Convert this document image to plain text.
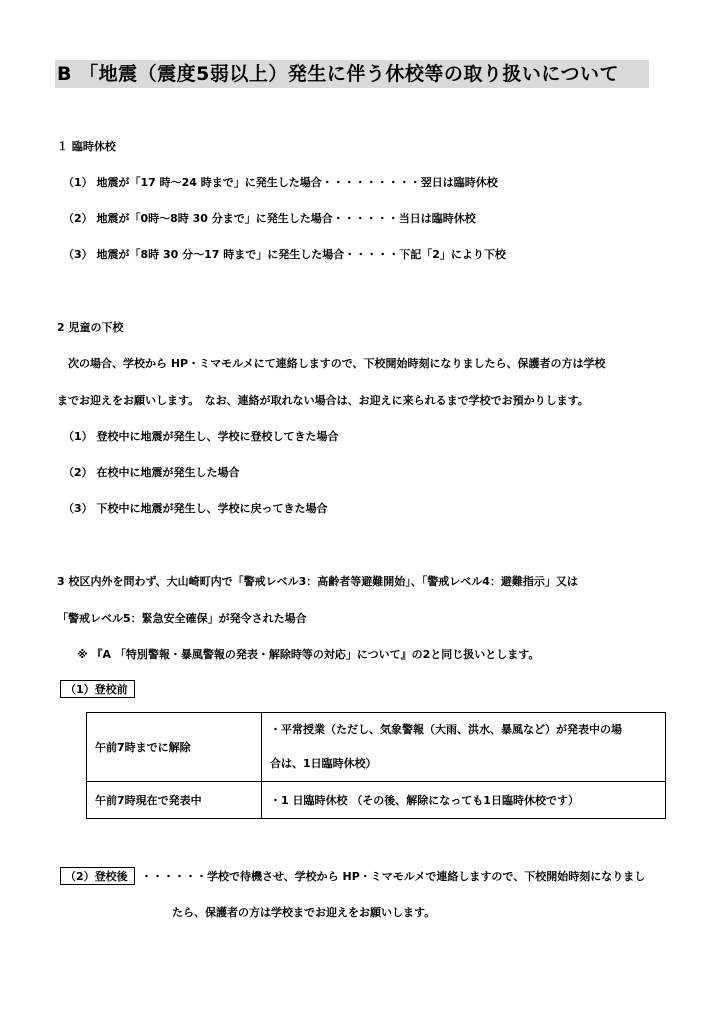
B 「地震（震度5弱以上）発生に伴う休校等の取り扱いについて
１ 臨時休校
（1） 地震が「17 時～24 時まで」に発生した場合・・・・・・・・・翌日は臨時休校
（2） 地震が「0時～8時 30 分まで」に発生した場合・・・・・・当日は臨時休校
（3） 地震が「8時 30 分～17 時まで」に発生した場合・・・・・下記「2」により下校
2 児童の下校
次の場合、学校から HP・ミマモルメにて連絡しますので、下校開始時刻になりましたら、保護者の方は学校
までお迎えをお願いします。　なお、連絡が取れない場合は、お迎えに来られるまで学校でお預かりします。
（1） 登校中に地震が発生し、学校に登校してきた場合
（2） 在校中に地震が発生した場合
（3） 下校中に地震が発生し、学校に戻ってきた場合
3 校区内外を問わず、大山崎町内で「警戒レベル3：高齢者等避難開始」、「警戒レベル4：避難指示」又は
「警戒レベル5：緊急安全確保」が発令された場合
※ 『A 「特別警報・暴風警報の発表・解除時等の対応」について』の2と同じ扱いとします。
（1）登校前
午前7時までに解除	・平常授業（ただし、気象警報（大雨、洪水、暴風など）が発表中の場
合は、1日臨時休校）

午前7時現在で発表中	・1 日臨時休校 （その後、解除になっても1日臨時休校です）
（2）登校後	・・・・・・学校で待機させ、学校から HP・ミマモルメで連絡しますので、下校開始時刻になりまし
たら、保護者の方は学校までお迎えをお願いします。
